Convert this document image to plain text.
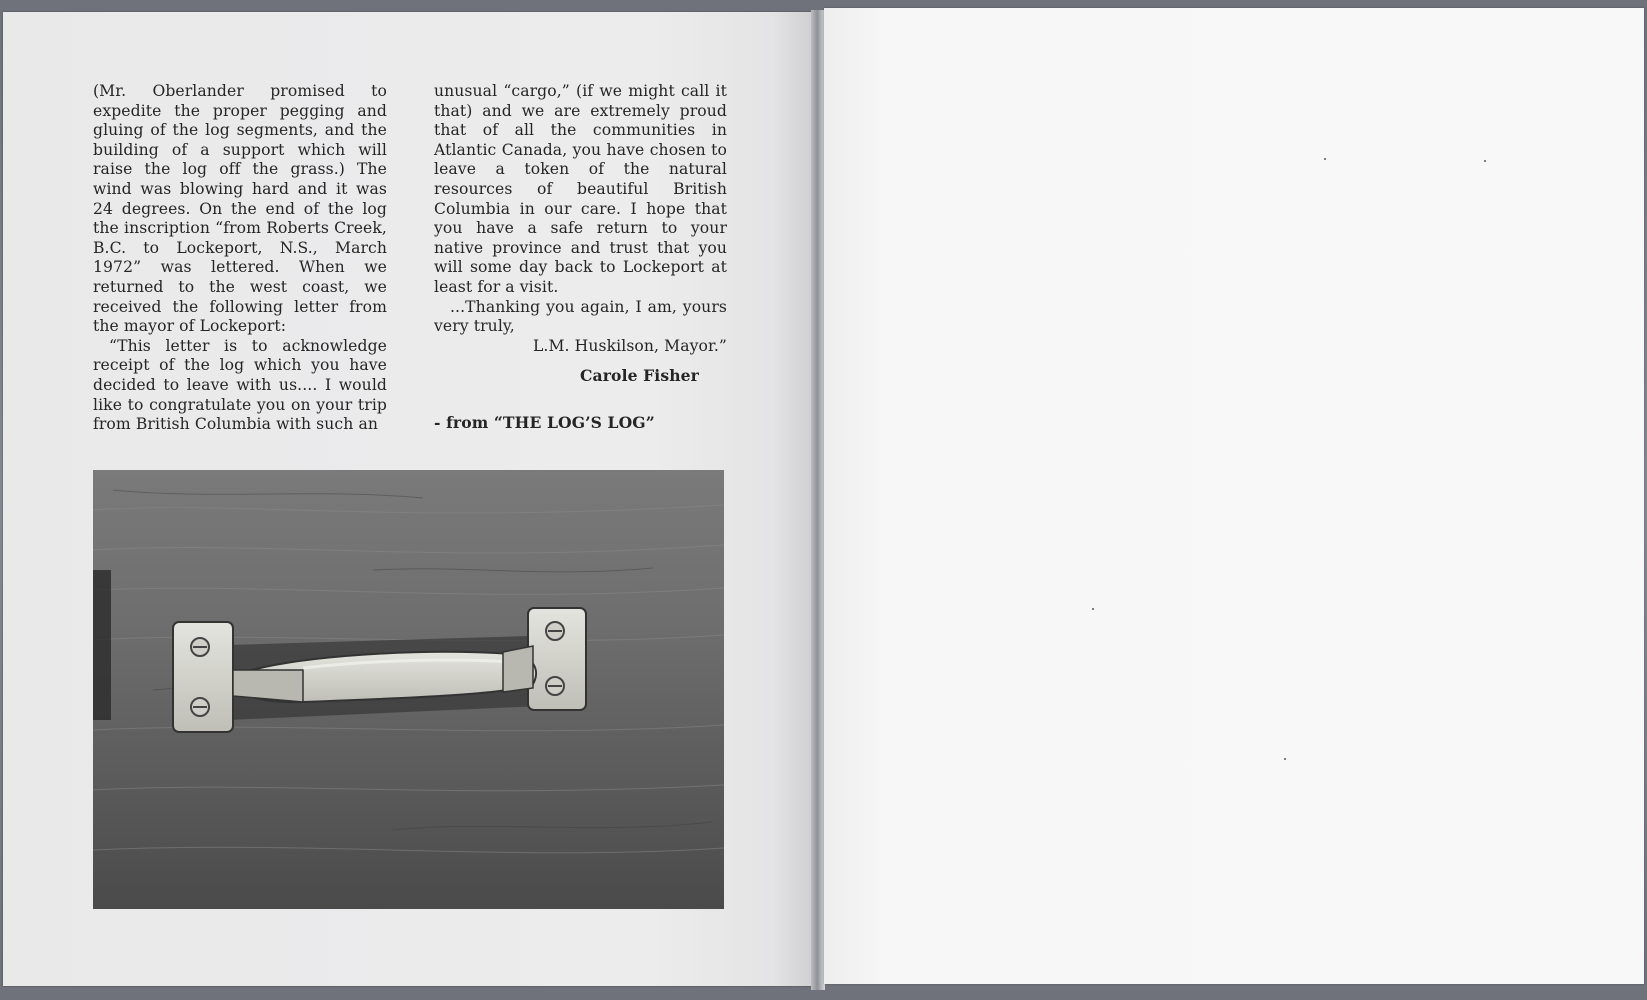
(Mr. Oberlander promised to expedite the proper pegging and gluing of the log segments, and the building of a support which will raise the log off the grass.) The wind was blowing hard and it was 24 degrees. On the end of the log the inscription “from Roberts Creek, B.C. to Lockeport, N.S., March 1972” was lettered. When we returned to the west coast, we received the following letter from the mayor of Lockeport:

“This letter is to acknowledge receipt of the log which you have decided to leave with us.... I would like to congratulate you on your trip from British Columbia with such an

unusual “cargo,” (if we might call it that) and we are extremely proud that of all the communities in Atlantic Canada, you have chosen to leave a token of the natural resources of beautiful British Columbia in our care. I hope that you have a safe return to your native province and trust that you will some day back to Lockeport at least for a visit.

...Thanking you again, I am, yours very truly,

L.M. Huskilson, Mayor.”

Carole Fisher

- from “THE LOG’S LOG”
